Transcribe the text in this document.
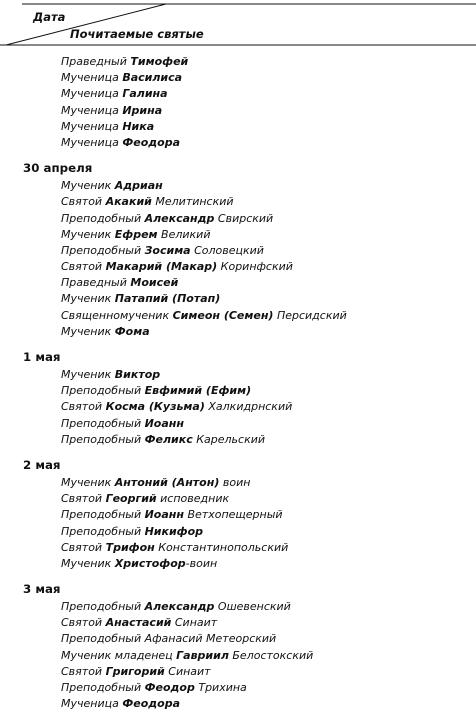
Дата
Почитаемые святые
Праведный Тимофей
Мученица Василиса
Мученица Галина
Мученица Ирина
Мученица Ника
Мученица Феодора
30 апреля
Мученик Адриан
Святой Акакий Мелитинский
Преподобный Александр Свирский
Мученик Ефрем Великий
Преподобный Зосима Соловецкий
Святой Макарий (Макар) Коринфский
Праведный Моисей
Мученик Патапий (Потап)
Священномученик Симеон (Семен) Персидский
Мученик Фома
1 мая
Мученик Виктор
Преподобный Евфимий (Ефим)
Святой Косма (Кузьма) Халкидрнский
Преподобный Иоанн
Преподобный Феликс Карельский
2 мая
Мученик Антоний (Антон) воин
Святой Георгий исповедник
Преподобный Иоанн Ветхопещерный
Преподобный Никифор
Святой Трифон Константинопольский
Мученик Христофор-воин
3 мая
Преподобный Александр Ошевенский
Святой Анастасий Синаит
Преподобный Афанасий Метеорский
Мученик младенец Гавриил Белостокский
Святой Григорий Синаит
Преподобный Феодор Трихина
Мученица Феодора
